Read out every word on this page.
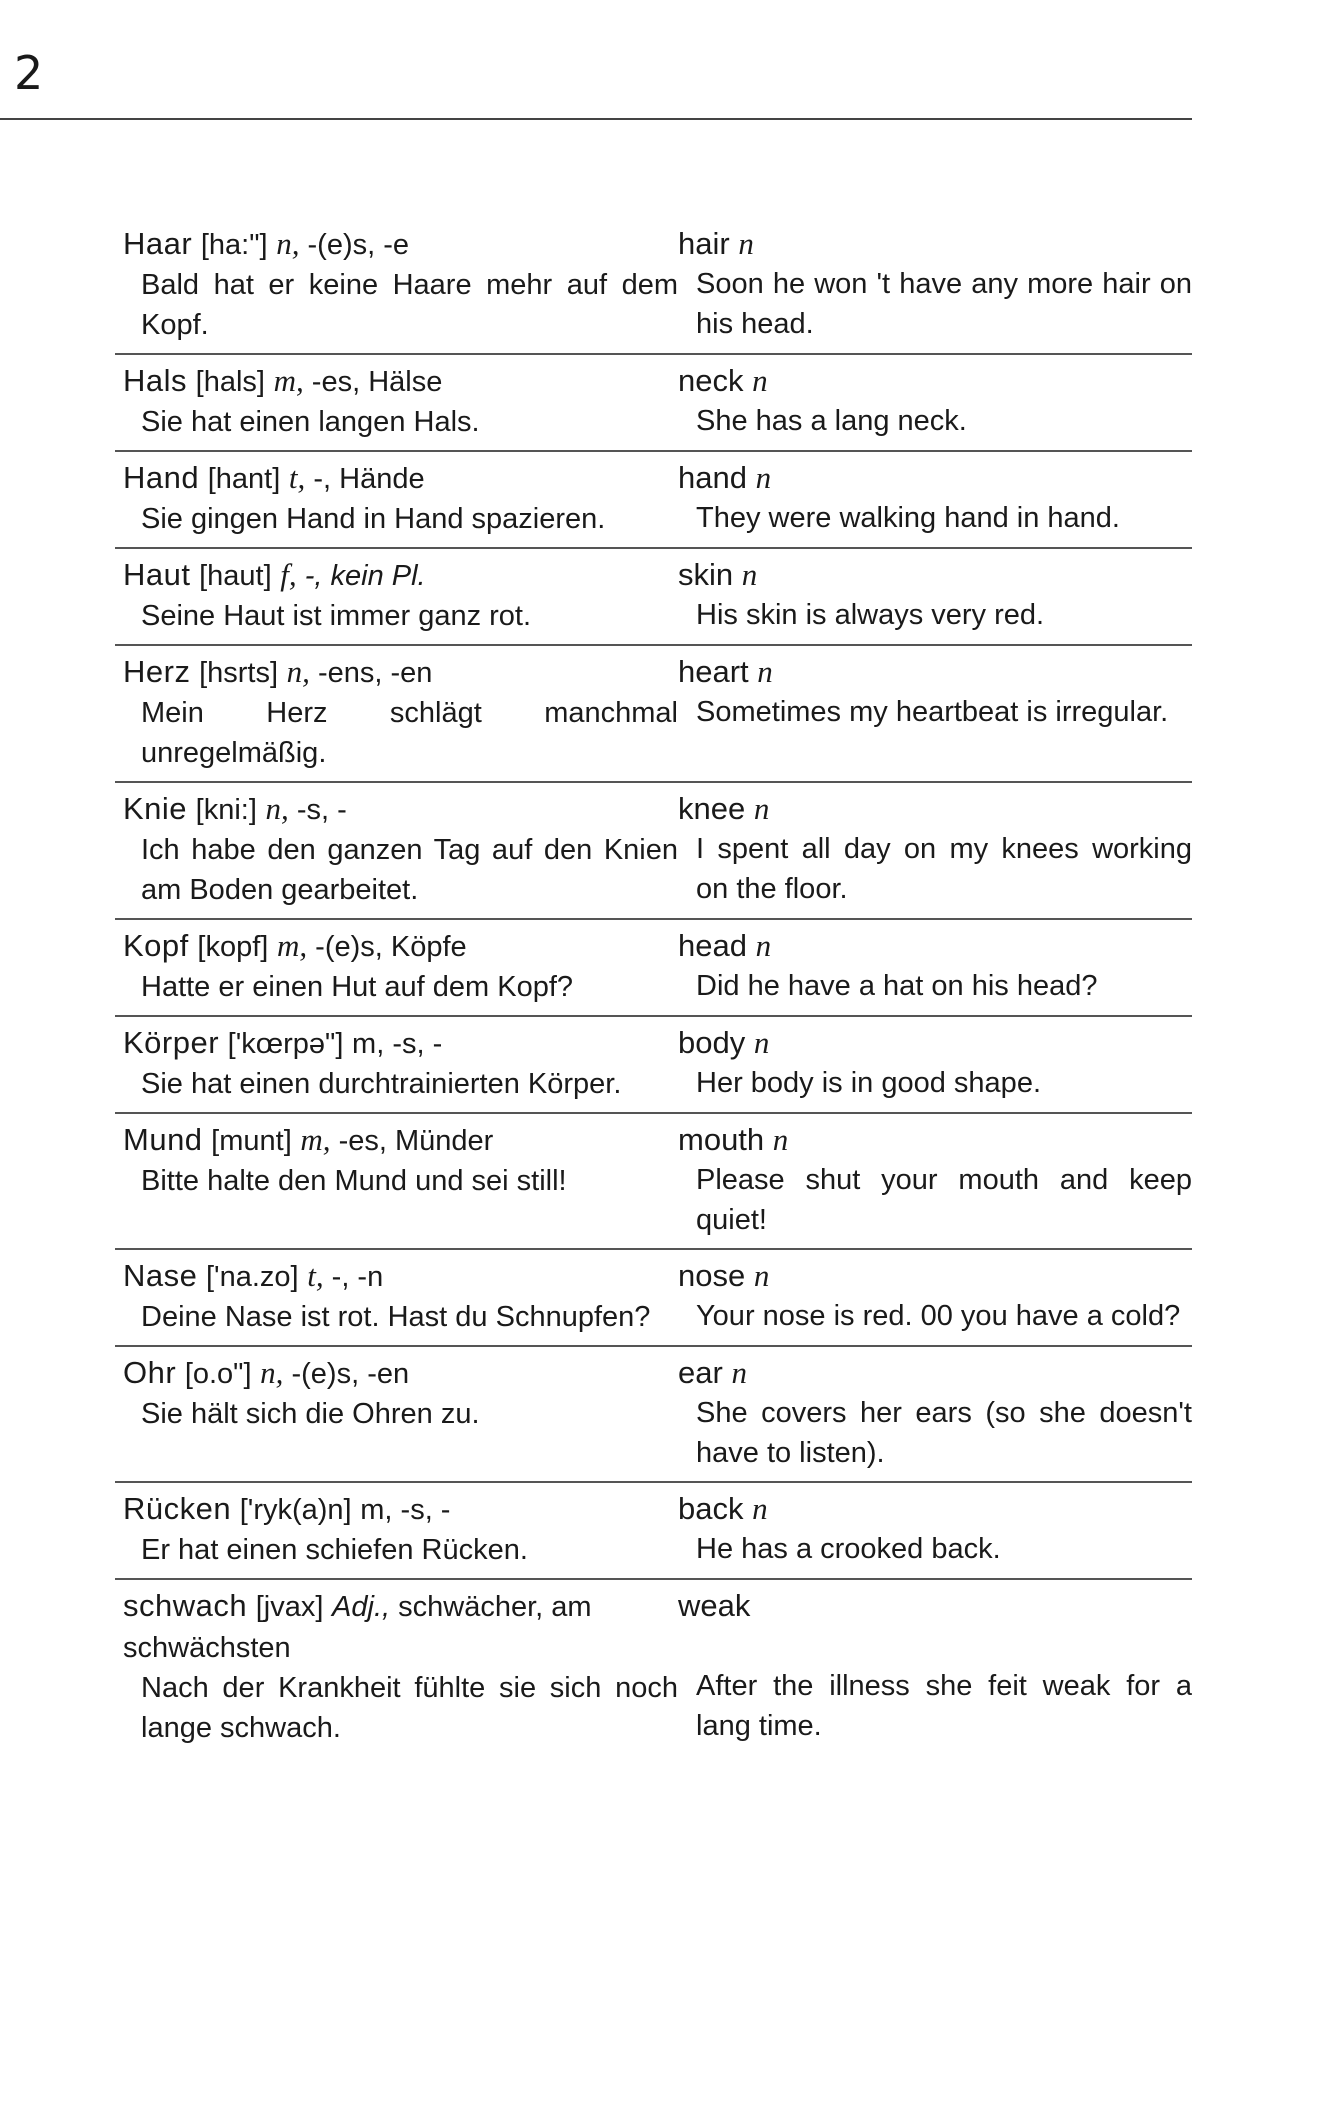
2
Haar [ha:"] n, -(e)s, -e
Bald hat er keine Haare mehr auf dem Kopf.
hair n
Soon he won 't have any more hair on his head.
Hals [hals] m, -es, Hälse
Sie hat einen langen Hals.
neck n
She has a lang neck.
Hand [hant] t, -, Hände
Sie gingen Hand in Hand spazieren.
hand n
They were walking hand in hand.
Haut [haut] f, -, kein Pl.
Seine Haut ist immer ganz rot.
skin n
His skin is always very red.
Herz [hsrts] n, -ens, -en
Mein Herz schlägt manchmal unregelmäßig.
heart n
Sometimes my heartbeat is irregular.
Knie [kni:] n, -s, -
Ich habe den ganzen Tag auf den Knien am Boden gearbeitet.
knee n
I spent all day on my knees working on the floor.
Kopf [kopf] m, -(e)s, Köpfe
Hatte er einen Hut auf dem Kopf?
head n
Did he have a hat on his head?
Körper ['kœrpə"] m, -s, -
Sie hat einen durchtrainierten Körper.
body n
Her body is in good shape.
Mund [munt] m, -es, Münder
Bitte halte den Mund und sei still!
mouth n
Please shut your mouth and keep quiet!
Nase ['na.zo] t, -, -n
Deine Nase ist rot. Hast du Schnupfen?
nose n
Your nose is red. 00 you have a cold?
Ohr [o.o"] n, -(e)s, -en
Sie hält sich die Ohren zu.
ear n
She covers her ears (so she doesn't have to listen).
Rücken ['ryk(a)n] m, -s, -
Er hat einen schiefen Rücken.
back n
He has a crooked back.
schwach [jvax] Adj., schwächer, am schwächsten
Nach der Krankheit fühlte sie sich noch lange schwach.
weak
After the illness she feit weak for a lang time.
